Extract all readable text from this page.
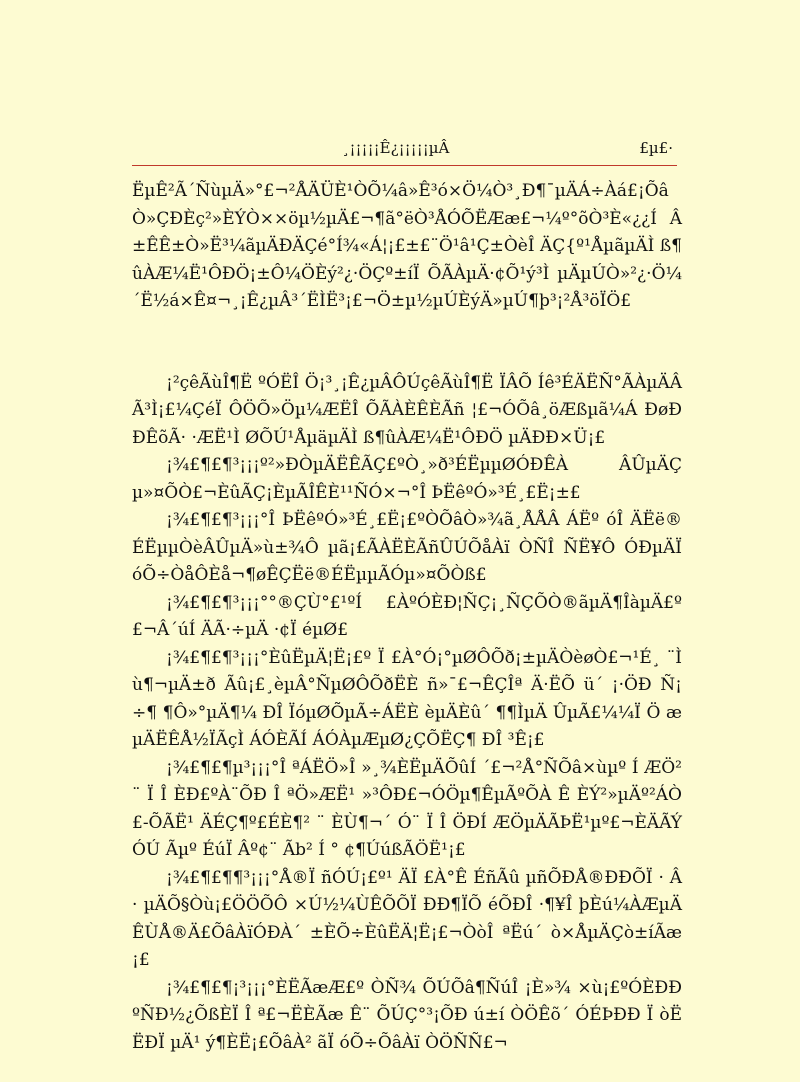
¸¡¡¡¡¡Ê¿¡¡¡¡¡µÂ	£µ£·

ËµÊ²Ã´ÑùµÄ»°£¬²ÅÄÜÈ¹ÒÕ¼â»Ê³ó×Ö¼Ò³¸Ð¶¯µÄÁ÷Àá£¡ÕâÒ»ÇÐÈç²»ÈÝÒ××öµ½µÄ£¬¶ã°ëÒ³ÅÓÕËÆæ£¬¼º°õÒ³È«¿¿Í Â±ÊÊ±Ò»Ë³¼ãµÄÐÄÇé°Í¾«Á¦¡£±£¨Ö¹â¹Ç±ÒèÎ ÄÇ{º¹ÅµãµÄÌ ß¶ûÀÆ¼Ë¹ÔÐÖ¡±Ô¼ÖÈý²¿·ÖÇº±íÏ ÕÃÀµÄ·¢Õ¹ý³Ì µÄµÚÒ»²¿·Ö¼´Ë½á×Ê¤¬¸¡Ê¿µÂ³´ËÌË³¡£¬Ö±µ½µÚÈýÄ»µÚ¶þ³¡²Å³öÏÖ£

¡²çêÃùÎ¶Ë ºÓËÎ Ö¡³¸¡Ê¿µÂÔÚçêÃùÎ¶Ë ÏÂÕ Íê³ÉÄËÑ°ÃÀµÄÂÃ³Ì¡£¼ÇéÏ ÔÖÕ»Öµ¼ÆËÎ ÕÃÀÈÊÈÃñ ¦£¬ÓÕâ¸öÆßµã¼Á ÐøÐÐÊõÃ· ·ÆË¹Ì ØÕÚ¹ÅµäµÄÌ ß¶ûÀÆ¼Ë¹ÔÐÖ µÄÐÐ×Ü¡£

¡¾£¶£¶³¡¡¡º²»ÐÒµÄËÊÃÇ£ºÒ¸»ð³ÉËµµØÓÐÊÀ ÂÛµÄÇµ»¤ÕÒ£¬ÈûÃÇ¡ÈµÃÎÊÈ¹¹ÑÓ×¬°Î ÞËêºÓ»³É¸£Ë¡±£

¡¾£¶£¶³¡¡¡°Î ÞËêºÓ»³É¸£Ë¡£ºÒÕâÒ»¾ã¸ÅÅÂ ÁËº óÎ ÄËë®ÉËµµÒèÂÛµÄ»ù±¾Ô µã¡£ÃÀËÈÃñÛÚÕåÀï ÒÑÎ ÑË¥Ô ÓÐµÄÏ óÕ÷ÒåÔÈå¬¶øÊÇËë®ÉËµµÃÓµ»¤ÕÒß£

¡¾£¶£¶³¡¡¡°°®ÇÙ°£¹ºÍ £ÀºÓÈÐ¦ÑÇ¡¸ÑÇÕÒ®ãµÄ¶ÎàµÄ£º£¬Â´úÍ ÄÃ·÷µÄ ·¢Ï éµØ£

¡¾£¶£¶³¡¡¡°ÈûËµÄ¦Ë¡£º Ï £À°Ó¡°µØÔÕð¡±µÄÒèøÒ£¬¹É¸ ¨Ìù¶¬µÄ±ð Ãû¡£¸èµÂ°ÑµØÔÕðËÈ ñ»¯£¬ÊÇÎª Ä·ËÕ ü´ ¡·ÖÐ Ñ¡ ÷¶ ¶Ô»°µÄ¶¼ ÐÎ ÏóµØÕµÃ÷ÁËÈ èµÄÈû´ ¶¶ÌµÄ ÛµÃ£¼¼Ï Ö æµÄËÊÅ½ÏÃçÌ ÁÓÈÃÍ ÁÓÀµÆµØ¿ÇÕËÇ¶ ÐÎ ³Ê¡£

¡¾£¶£¶µ³¡¡¡°Î ªÁËÖ»Î »¸¾ÈËµÄÕûÍ ´£¬²Å°ÑÕâ×ùµº Í ÆÖ²¨ Ï Î ÈÐ£ºÀ¨ÕÐ Î ªÖ»ÆË¹ »³ÔÐ£¬ÓÖµ¶ÊµÃºÕÀ Ê ÈÝ²»µÄº²ÁÒ£-ÕÃË¹ ÄÉÇ¶º£ÉÈ¶² ¨ ÈÙ¶¬´ Ó¨ Ï Î ÖÐÍ ÆÖµÄÃÞË¹µº£¬ÈÄÃÝÓÚ Ãµº ÉúÏ Âº¢¨ Ãb² Í ° ¢¶ÚúßÃÖË¹¡£

¡¾£¶£¶¶³¡¡¡°Å®Ï ñÓÚ¡£º¹ ÄÏ £À°Ê ÉñÃû µñÕÐÅ®ÐÐÕÏ · Â· µÄÕ§Òù¡£ÖÖÕÔ ×Ú½¼ÙÊÕÕÏ ÐÐ¶ÏÕ éÕÐÎ ·¶¥Î þÈú¼ÀÆµÄÊÙÅ®Ä£ÕâÀïÓÐÀ´ ±ÈÕ÷ÈûËÄ¦Ë¡£¬ÒòÎ ªËú´ ò×ÅµÄÇò±íÃæ¡£

¡¾£¶£¶¡³¡¡¡°ÈËÃæÆ£º ÒÑ¾ ÕÚÕâ¶ÑúÎ ¡È»¾ ×ù¡£ºÓÈÐÐºÑÐ½¿ÕßÈÏ Î ª£¬ËÈÃæ Ê¨ ÕÚÇ°³¡ÕÐ ú±í ÒÖÊõ´ ÓÉÞÐÐ Ï òËËÐÏ µÄ¹ ý¶ÈË¡£ÕâÀ² ãÏ óÕ÷ÕâÀï ÒÖÑÑ£¬
